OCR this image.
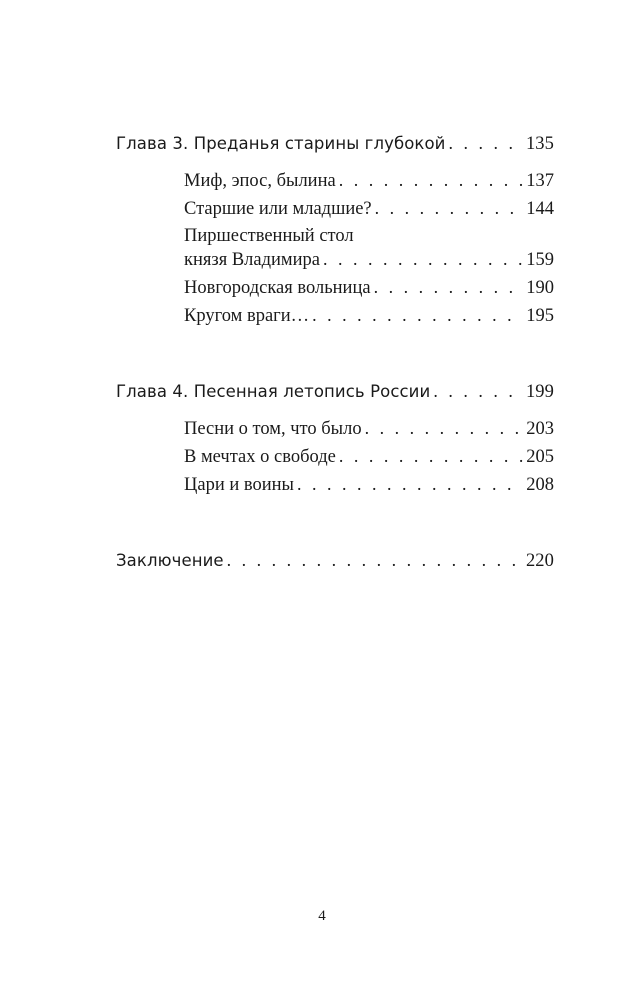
Глава 3. Преданья старины глубокой . . .	135
Миф, эпос, былина . . .	137
Старшие или младшие? . . .	144
Пиршественный стол
князя Владимира . . .	159
Новгородская вольница . . .	190
Кругом враги… . . .	195
Глава 4. Песенная летопись России . . .	199
Песни о том, что было . . .	203
В мечтах о свободе . . .	205
Цари и воины . . .	208
Заключение . . .	220
4
